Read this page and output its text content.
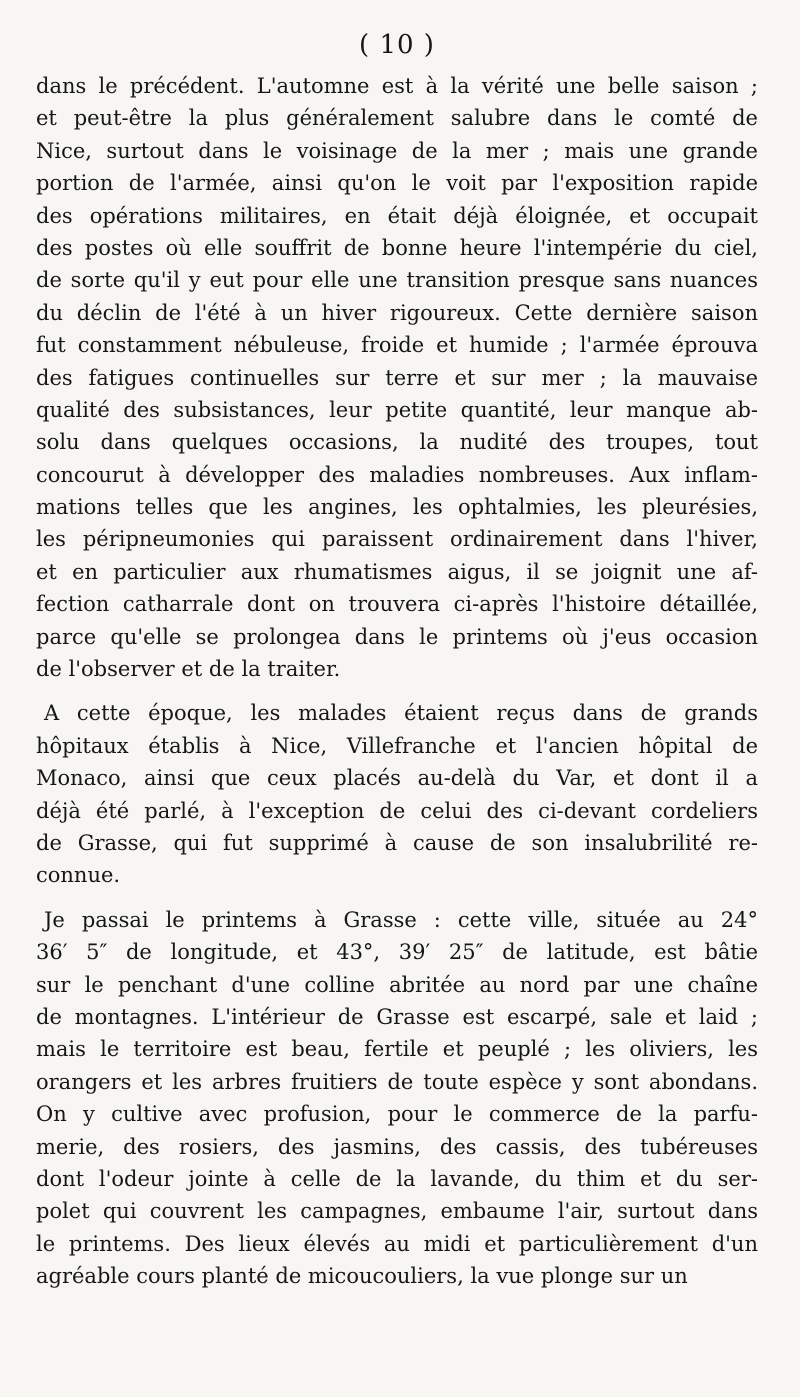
( 10 )
dans le précédent. L'automne est à la vérité une belle saison ;
et peut-être la plus généralement salubre dans le comté de
Nice, surtout dans le voisinage de la mer ; mais une grande
portion de l'armée, ainsi qu'on le voit par l'exposition rapide
des opérations militaires, en était déjà éloignée, et occupait
des postes où elle souffrit de bonne heure l'intempérie du ciel,
de sorte qu'il y eut pour elle une transition presque sans nuances
du déclin de l'été à un hiver rigoureux. Cette dernière saison
fut constamment nébuleuse, froide et humide ; l'armée éprouva
des fatigues continuelles sur terre et sur mer ; la mauvaise
qualité des subsistances, leur petite quantité, leur manque ab-
solu dans quelques occasions, la nudité des troupes, tout
concourut à développer des maladies nombreuses. Aux inflam-
mations telles que les angines, les ophtalmies, les pleurésies,
les péripneumonies qui paraissent ordinairement dans l'hiver,
et en particulier aux rhumatismes aigus, il se joignit une af-
fection catharrale dont on trouvera ci-après l'histoire détaillée,
parce qu'elle se prolongea dans le printems où j'eus occasion
de l'observer et de la traiter.
A cette époque, les malades étaient reçus dans de grands
hôpitaux établis à Nice, Villefranche et l'ancien hôpital de
Monaco, ainsi que ceux placés au-delà du Var, et dont il a
déjà été parlé, à l'exception de celui des ci-devant cordeliers
de Grasse, qui fut supprimé à cause de son insalubrilité re-
connue.
Je passai le printems à Grasse : cette ville, située au 24°
36′ 5″ de longitude, et 43°, 39′ 25″ de latitude, est bâtie
sur le penchant d'une colline abritée au nord par une chaîne
de montagnes. L'intérieur de Grasse est escarpé, sale et laid ;
mais le territoire est beau, fertile et peuplé ; les oliviers, les
orangers et les arbres fruitiers de toute espèce y sont abondans.
On y cultive avec profusion, pour le commerce de la parfu-
merie, des rosiers, des jasmins, des cassis, des tubéreuses
dont l'odeur jointe à celle de la lavande, du thim et du ser-
polet qui couvrent les campagnes, embaume l'air, surtout dans
le printems. Des lieux élevés au midi et particulièrement d'un
agréable cours planté de micoucouliers, la vue plonge sur un
